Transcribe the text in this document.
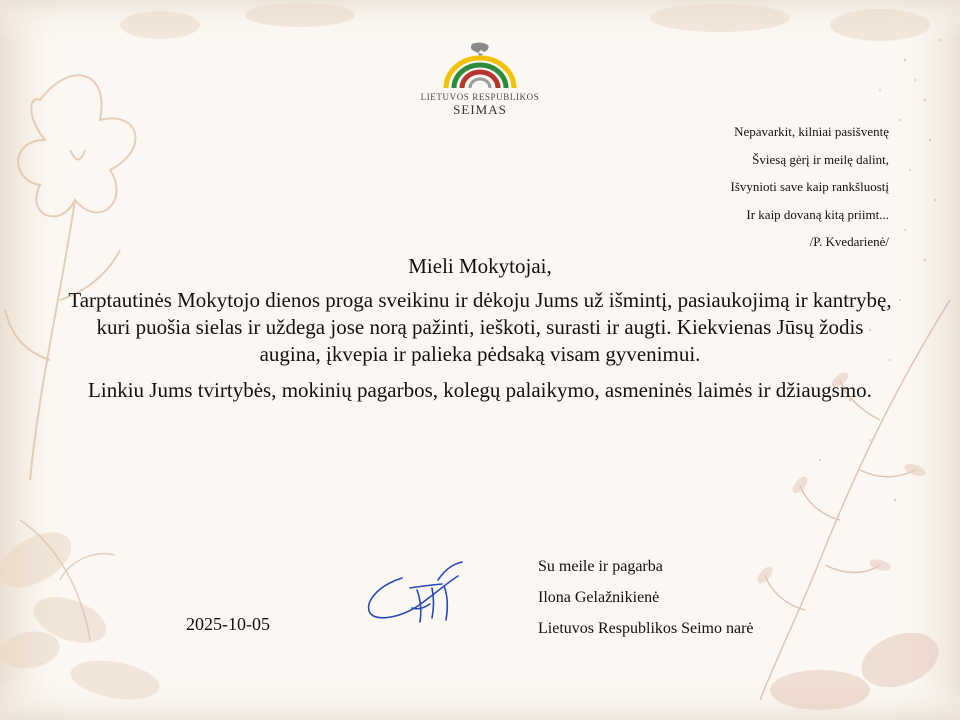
LIETUVOS RESPUBLIKOS
SEIMAS
Nepavarkit, kilniai pasišventę
Šviesą gėrį ir meilę dalint,
Išvynioti save kaip rankšluostį
Ir kaip dovaną kitą priimt...
/P. Kvedarienė/
Mieli Mokytojai,

Tarptautinės Mokytojo dienos proga sveikinu ir dėkoju Jums už išmintį, pasiaukojimą ir kantrybę, kuri puošia sielas ir uždega jose norą pažinti, ieškoti, surasti ir augti. Kiekvienas Jūsų žodis augina, įkvepia ir palieka pėdsaką visam gyvenimui.

Linkiu Jums tvirtybės, mokinių pagarbos, kolegų palaikymo, asmeninės laimės ir džiaugsmo.

Su meile ir pagarba
Ilona Gelažnikienė
Lietuvos Respublikos Seimo narė
2025-10-05
